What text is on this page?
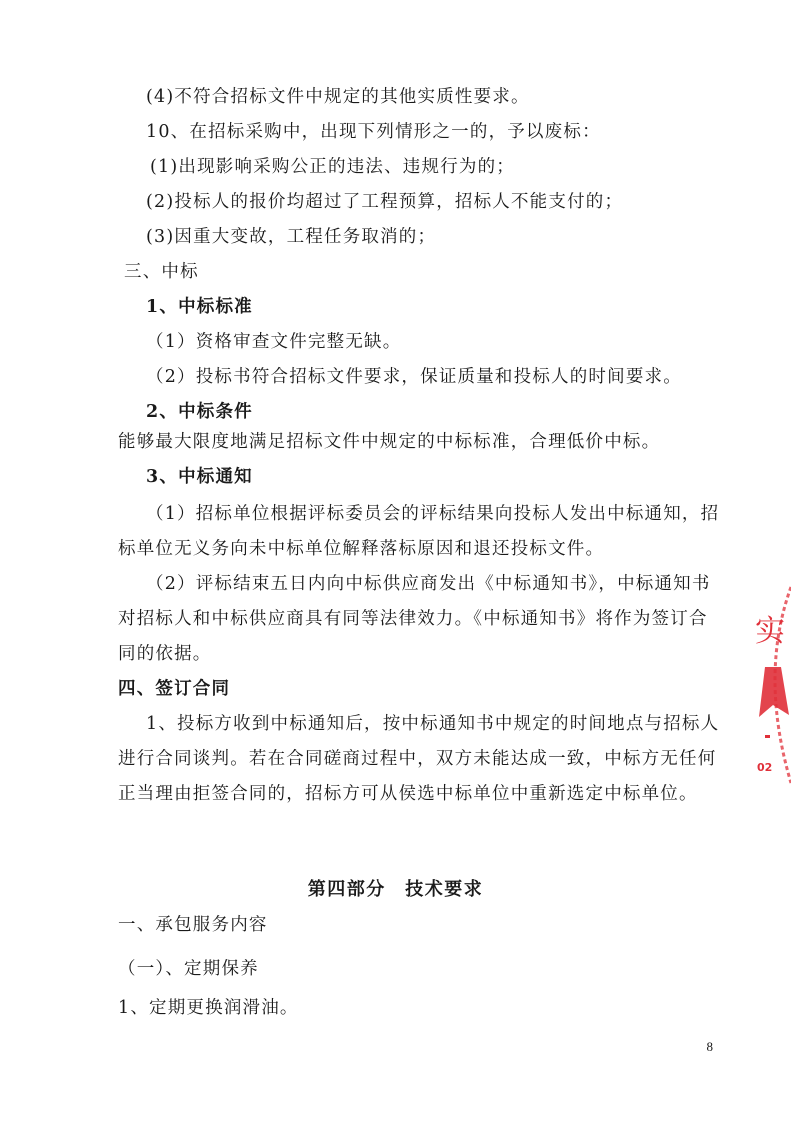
(4)不符合招标文件中规定的其他实质性要求。
10、在招标采购中，出现下列情形之一的，予以废标：
(1)出现影响采购公正的违法、违规行为的；
(2)投标人的报价均超过了工程预算，招标人不能支付的；
(3)因重大变故，工程任务取消的；
三、中标
1、中标标准
（1）资格审查文件完整无缺。
（2）投标书符合招标文件要求，保证质量和投标人的时间要求。
2、中标条件
能够最大限度地满足招标文件中规定的中标标准，合理低价中标。
3、中标通知
（1）招标单位根据评标委员会的评标结果向投标人发出中标通知，招
标单位无义务向未中标单位解释落标原因和退还投标文件。
（2）评标结束五日内向中标供应商发出《中标通知书》，中标通知书
对招标人和中标供应商具有同等法律效力。《中标通知书》将作为签订合
同的依据。
四、签订合同
1、投标方收到中标通知后，按中标通知书中规定的时间地点与招标人
进行合同谈判。若在合同磋商过程中，双方未能达成一致，中标方无任何
正当理由拒签合同的，招标方可从侯选中标单位中重新选定中标单位。
第四部分　技术要求
一、承包服务内容
（一）、定期保养
1、定期更换润滑油。
8
实
02
